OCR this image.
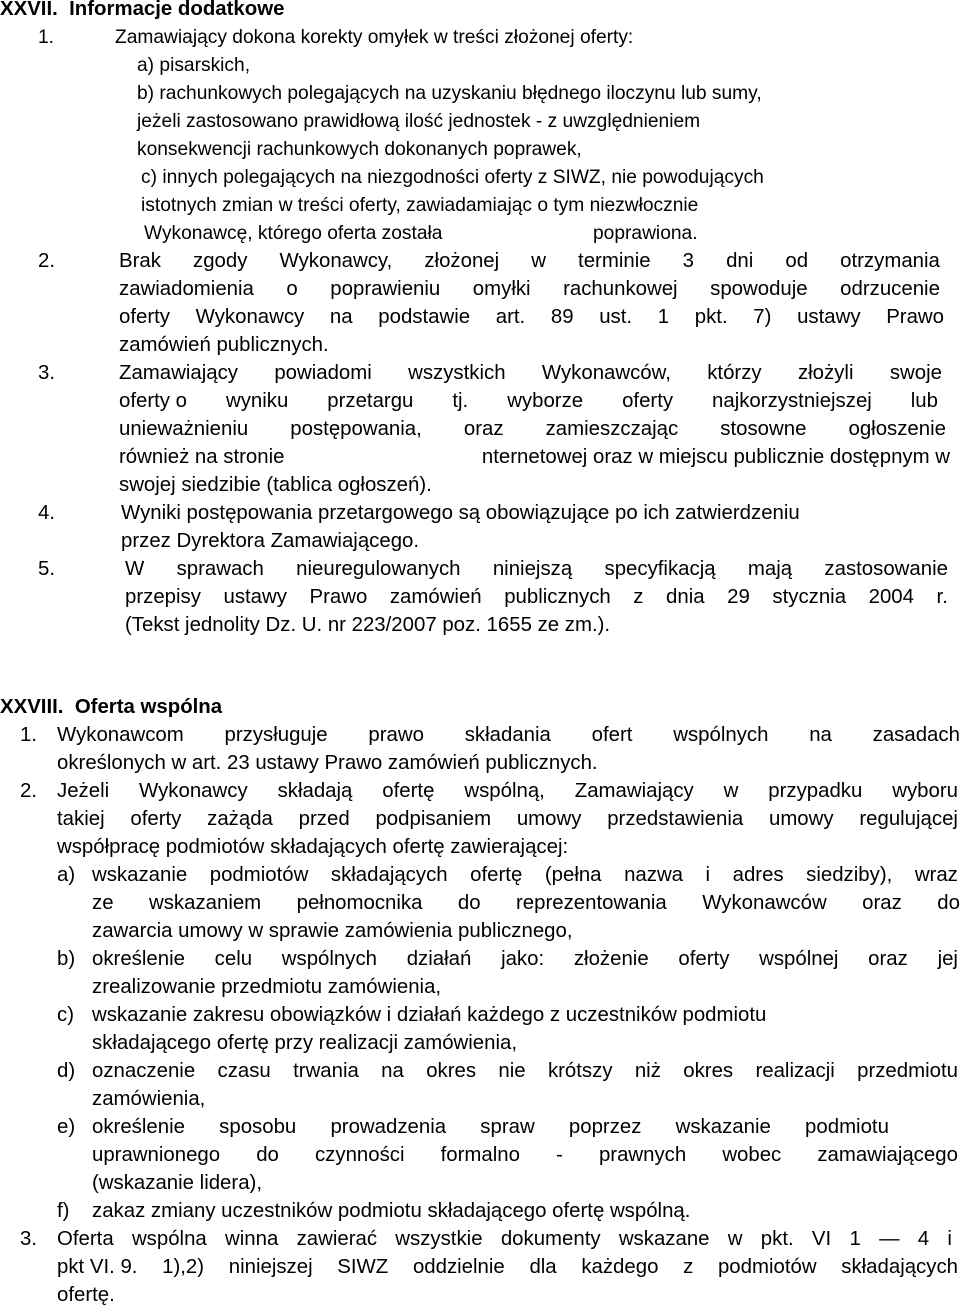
XXVII. Informacje dodatkowe
1.	Zamawiający dokona korekty omyłek w treści złożonej oferty:
a) pisarskich,
b) rachunkowych polegających na uzyskaniu błędnego iloczynu lub sumy,
jeżeli zastosowano prawidłową ilość jednostek - z uwzględnieniem
konsekwencji rachunkowych dokonanych poprawek,
c) innych polegających na niezgodności oferty z SIWZ, nie powodujących
istotnych zmian w treści oferty, zawiadamiając o tym niezwłocznie
Wykonawcę, którego oferta została	poprawiona.
2.	Brak zgody Wykonawcy, złożonej w terminie 3 dni od otrzymania
zawiadomienia o poprawieniu omyłki rachunkowej spowoduje odrzucenie
oferty Wykonawcy na podstawie art. 89 ust. 1 pkt. 7) ustawy Prawo
zamówień publicznych.
3.	Zamawiający powiadomi wszystkich Wykonawców, którzy złożyli swoje
oferty o wyniku przetargu tj. wyborze oferty najkorzystniejszej lub
unieważnieniu postępowania, oraz zamieszczając stosowne ogłoszenie
również na stronie	nternetowej oraz w miejscu publicznie dostępnym w
swojej siedzibie (tablica ogłoszeń).
4.	Wyniki postępowania przetargowego są obowiązujące po ich zatwierdzeniu
przez Dyrektora Zamawiającego.
5.	W sprawach nieuregulowanych niniejszą specyfikacją mają zastosowanie
przepisy ustawy Prawo zamówień publicznych z dnia 29 stycznia 2004 r.
(Tekst jednolity Dz. U. nr 223/2007 poz. 1655 ze zm.).
XXVIII. Oferta wspólna
1. Wykonawcom przysługuje prawo składania ofert wspólnych na zasadach
określonych w art. 23 ustawy Prawo zamówień publicznych.
2. Jeżeli Wykonawcy składają ofertę wspólną, Zamawiający w przypadku wyboru
takiej oferty zażąda przed podpisaniem umowy przedstawienia umowy regulującej
współpracę podmiotów składających ofertę zawierającej:
a) wskazanie podmiotów składających ofertę (pełna nazwa i adres siedziby), wraz
ze wskazaniem pełnomocnika do reprezentowania Wykonawców oraz do
zawarcia umowy w sprawie zamówienia publicznego,
b) określenie celu wspólnych działań jako: złożenie oferty wspólnej oraz jej
zrealizowanie przedmiotu zamówienia,
c) wskazanie zakresu obowiązków i działań każdego z uczestników podmiotu
składającego ofertę przy realizacji zamówienia,
d) oznaczenie czasu trwania na okres nie krótszy niż okres realizacji przedmiotu
zamówienia,
e) określenie sposobu prowadzenia spraw poprzez wskazanie podmiotu
uprawnionego do czynności formalno - prawnych wobec zamawiającego
(wskazanie lidera),
f) zakaz zmiany uczestników podmiotu składającego ofertę wspólną.
3. Oferta wspólna winna zawierać wszystkie dokumenty wskazane w pkt. VI 1 — 4 i
pkt VI. 9. 1),2) niniejszej SIWZ oddzielnie dla każdego z podmiotów składających
ofertę.
